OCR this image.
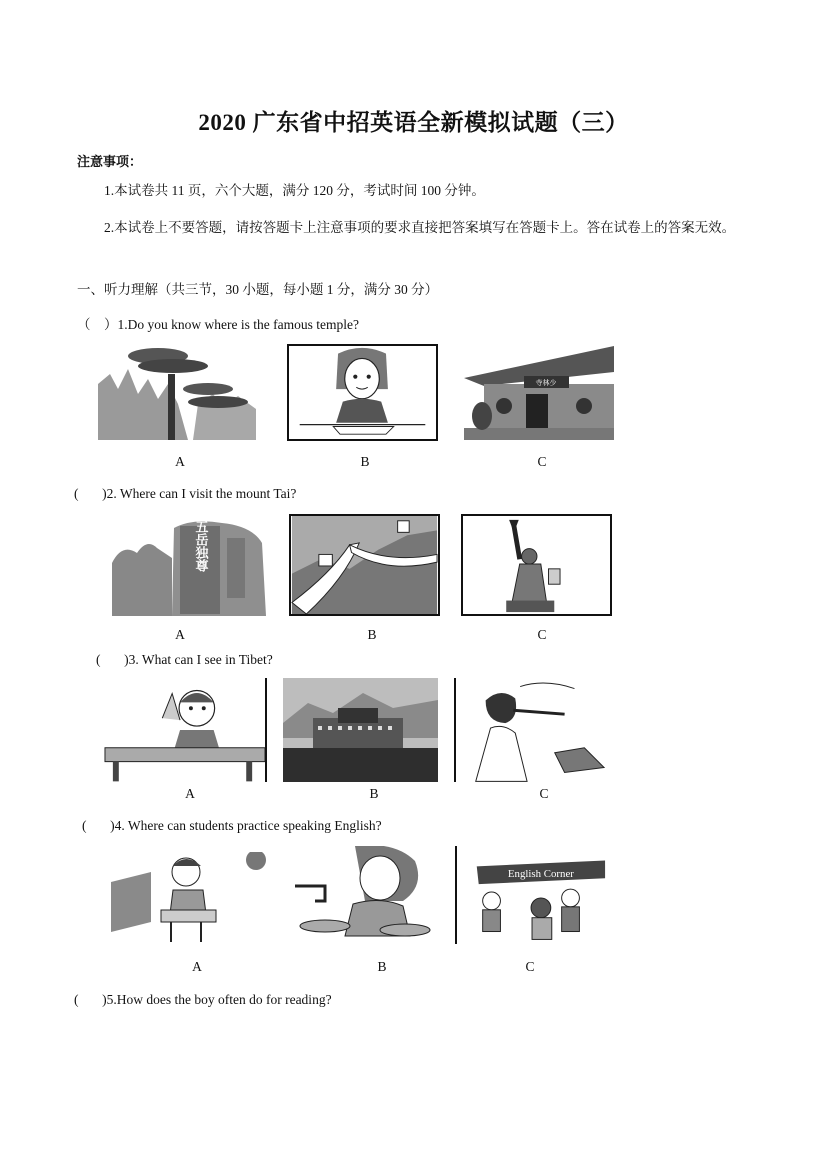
2020 广东省中招英语全新模拟试题（三）
注意事项：
1.本试卷共 11 页，六个大题，满分 120 分，考试时间 100 分钟。
2.本试卷上不要答题，请按答题卡上注意事项的要求直接把答案填写在答题卡上。答在试卷上的答案无效。
一、听力理解（共三节，30 小题，每小题 1 分，满分 30 分）
（    ）1.Do you know where is the famous temple?
寺林少
A	B	C
(       )2. Where can I visit the mount Tai?
五岳独尊
A	B	C
(       )3. What can I see in Tibet?
A	B	C
(       )4. Where can students practice speaking English?
English Corner
A	B	C
(       )5.How does the boy often do for reading?
